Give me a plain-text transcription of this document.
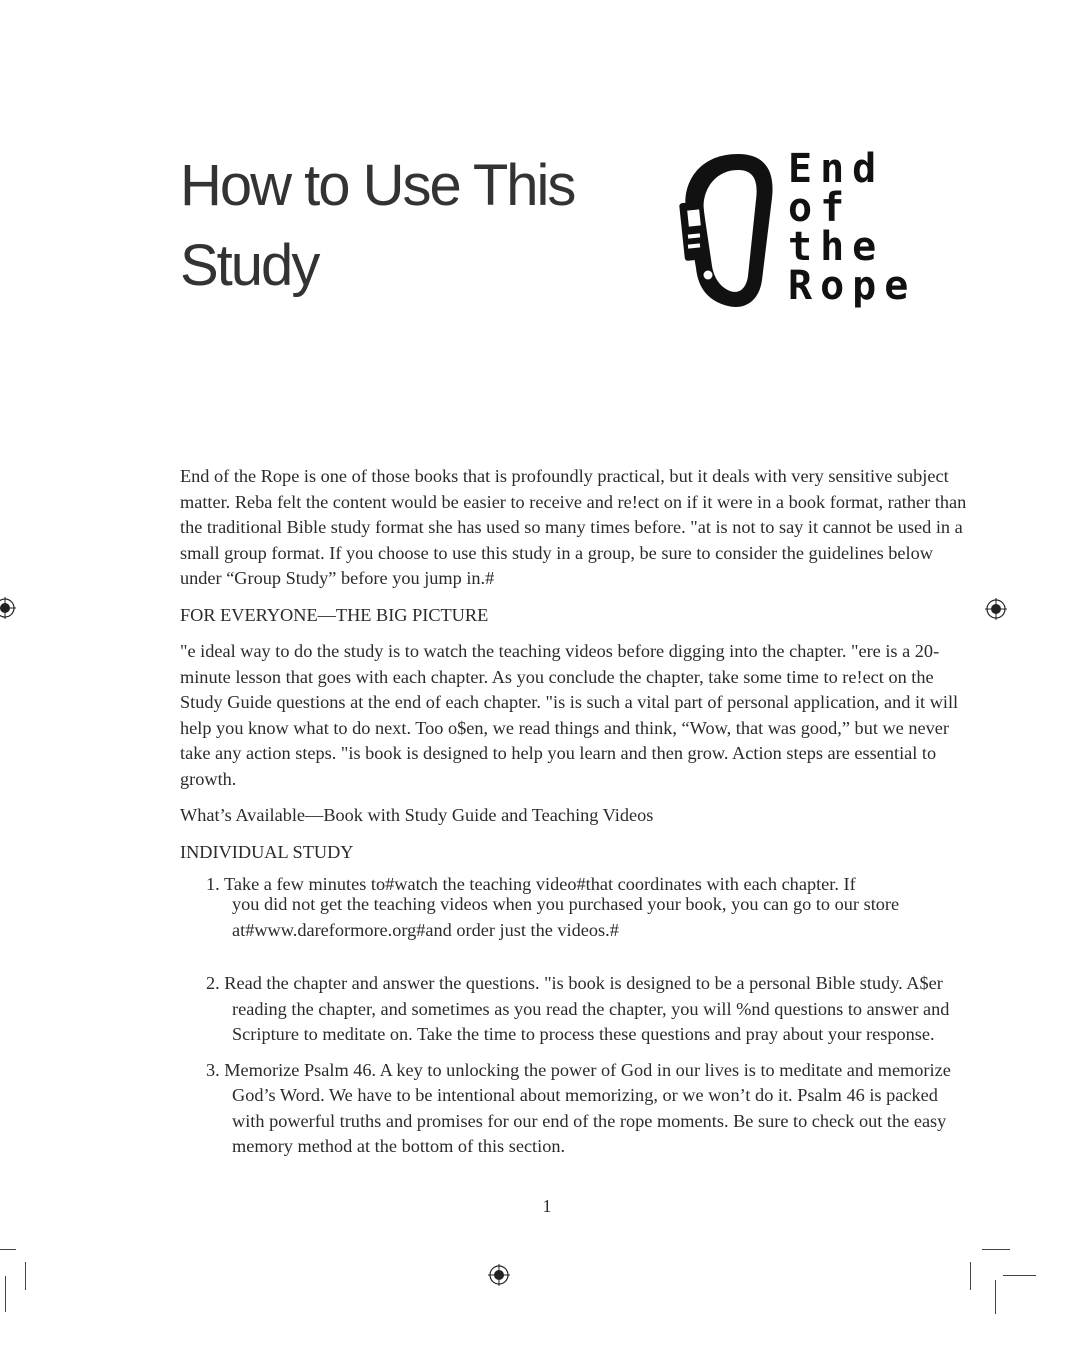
How to Use This Study
End
of
the
Rope

End of the Rope is one of those books that is profoundly practical, but it deals with very sensitive subject matter. Reba felt the content would be easier to receive and re!ect on if it were in a book format, rather than the traditional Bible study format she has used so many times before. "at is not to say it cannot be used in a small group format. If you choose to use this study in a group, be sure to consider the guidelines below under “Group Study” before you jump in.#

FOR EVERYONE—THE BIG PICTURE

"e ideal way to do the study is to watch the teaching videos before digging into the chapter. "ere is a 20-minute lesson that goes with each chapter. As you conclude the chapter, take some time to re!ect on the Study Guide questions at the end of each chapter. "is is such a vital part of personal application, and it will help you know what to do next. Too o$en, we read things and think, “Wow, that was good,” but we never take any action steps. "is book is designed to help you learn and then grow. Action steps are essential to growth.

What’s Available—Book with Study Guide and Teaching Videos

INDIVIDUAL STUDY

1. Take a few minutes to#watch the teaching video#that coordinates with each chapter. If
you did not get the teaching videos when you purchased your book, you can go to our store at#www.dareformore.org#and order just the videos.#
2. Read the chapter and answer the questions. "is book is designed to be a personal Bible study. A$er reading the chapter, and sometimes as you read the chapter, you will %nd questions to answer and Scripture to meditate on. Take the time to process these questions and pray about your response.
3. Memorize Psalm 46. A key to unlocking the power of God in our lives is to meditate and memorize God’s Word. We have to be intentional about memorizing, or we won’t do it. Psalm 46 is packed with powerful truths and promises for our end of the rope moments. Be sure to check out the easy memory method at the bottom of this section.
1
